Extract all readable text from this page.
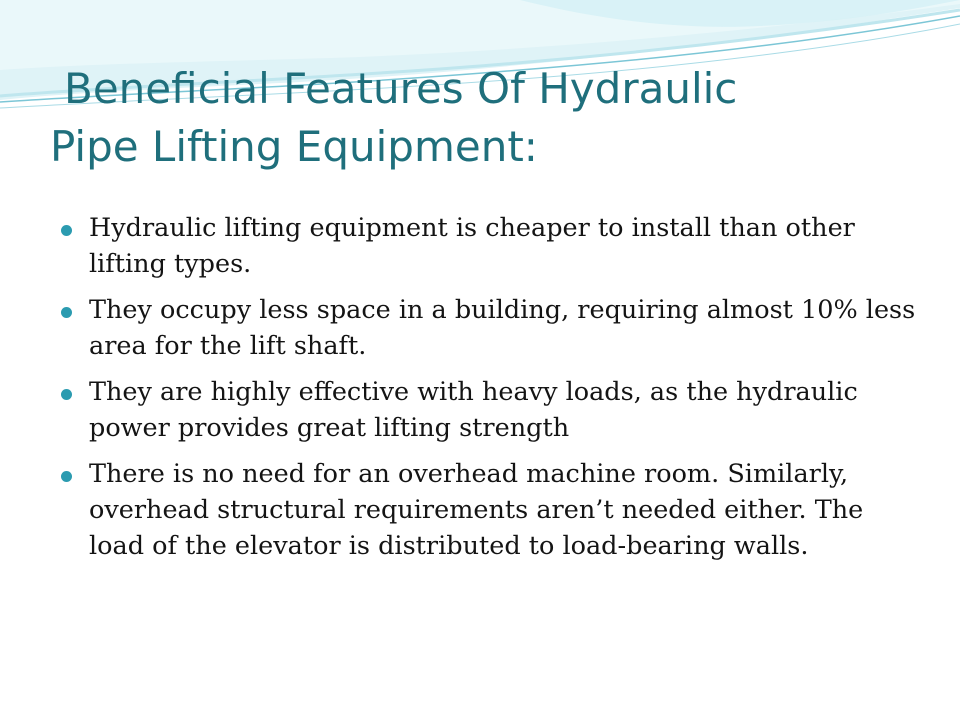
Beneficial Features Of Hydraulic
Pipe Lifting Equipment:
Hydraulic lifting equipment is cheaper to install than other lifting types.
They occupy less space in a building, requiring almost 10% less area for the lift shaft.
They are highly effective with heavy loads, as the hydraulic power provides great lifting strength
There is no need for an overhead machine room. Similarly, overhead structural requirements aren’t needed either. The load of the elevator is distributed to load-bearing walls.
